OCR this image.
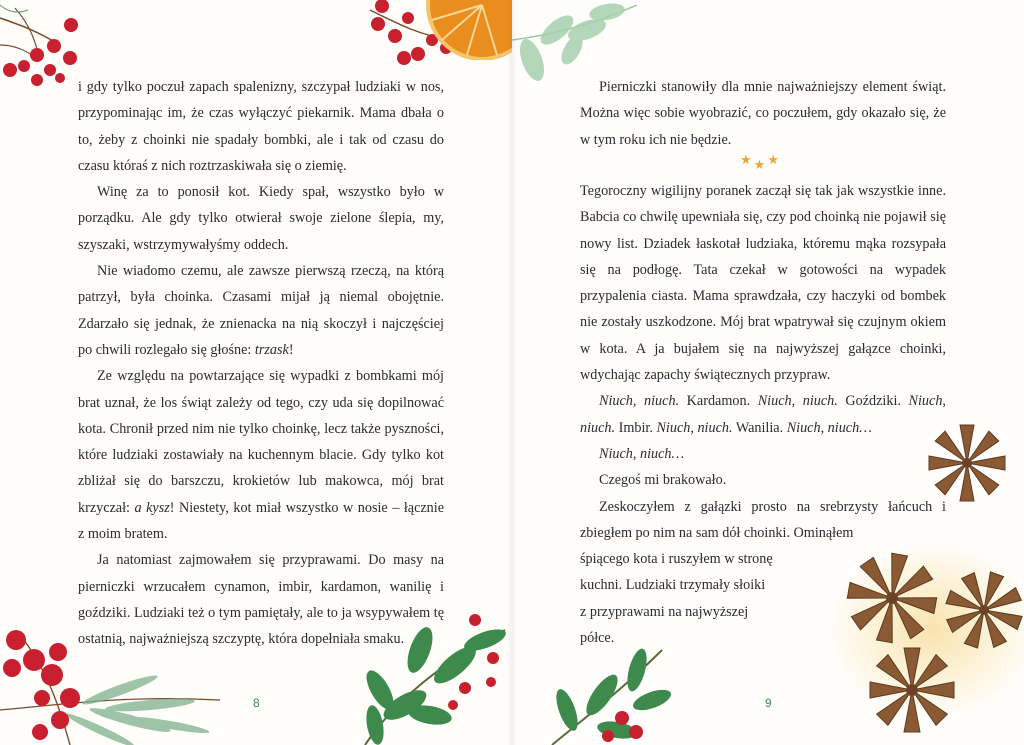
i gdy tylko poczuł zapach spalenizny, szczypał ludziaki w nos, przypominając im, że czas wyłączyć piekarnik. Mama dbała o to, żeby z choinki nie spadały bombki, ale i tak od czasu do czasu któraś z nich roztrzaskiwała się o ziemię.

Winę za to ponosił kot. Kiedy spał, wszystko było w porządku. Ale gdy tylko otwierał swoje zielone ślepia, my, szyszaki, wstrzymywałyśmy oddech.

Nie wiadomo czemu, ale zawsze pierwszą rzeczą, na którą patrzył, była choinka. Czasami mijał ją niemal obojętnie. Zdarzało się jednak, że znienacka na nią skoczył i najczęściej po chwili rozlegało się głośne: trzask!

Ze względu na powtarzające się wypadki z bombkami mój brat uznał, że los świąt zależy od tego, czy uda się dopilnować kota. Chronił przed nim nie tylko choinkę, lecz także pyszności, które ludziaki zostawiały na kuchennym blacie. Gdy tylko kot zbliżał się do barszczu, krokietów lub makowca, mój brat krzyczał: a kysz! Niestety, kot miał wszystko w nosie – łącznie z moim bratem.

Ja natomiast zajmowałem się przyprawami. Do masy na pierniczki wrzucałem cynamon, imbir, kardamon, wanilię i goździki. Ludziaki też o tym pamiętały, ale to ja wsypywałem tę ostatnią, najważniejszą szczyptę, która dopełniała smaku.

8	9

Pierniczki stanowiły dla mnie najważniejszy element świąt. Można więc sobie wyobrazić, co poczułem, gdy okazało się, że w tym roku ich nie będzie.

★★★

Tegoroczny wigilijny poranek zaczął się tak jak wszystkie inne. Babcia co chwilę upewniała się, czy pod choinką nie pojawił się nowy list. Dziadek łaskotał ludziaka, któremu mąka rozsypała się na podłogę. Tata czekał w gotowości na wypadek przypalenia ciasta. Mama sprawdzała, czy haczyki od bombek nie zostały uszkodzone. Mój brat wpatrywał się czujnym okiem w kota. A ja bujałem się na najwyższej gałązce choinki, wdychając zapachy świątecznych przypraw.

Niuch, niuch. Kardamon. Niuch, niuch. Goździki. Niuch, niuch. Imbir. Niuch, niuch. Wanilia. Niuch, niuch…

Niuch, niuch…

Czegoś mi brakowało.

Zeskoczyłem z gałązki prosto na srebrzysty łańcuch i zbiegłem po nim na sam dół choinki. Ominąłem

śpiącego kota i ruszyłem w stronę

kuchni. Ludziaki trzymały słoiki z przyprawami na najwyższej półce.
